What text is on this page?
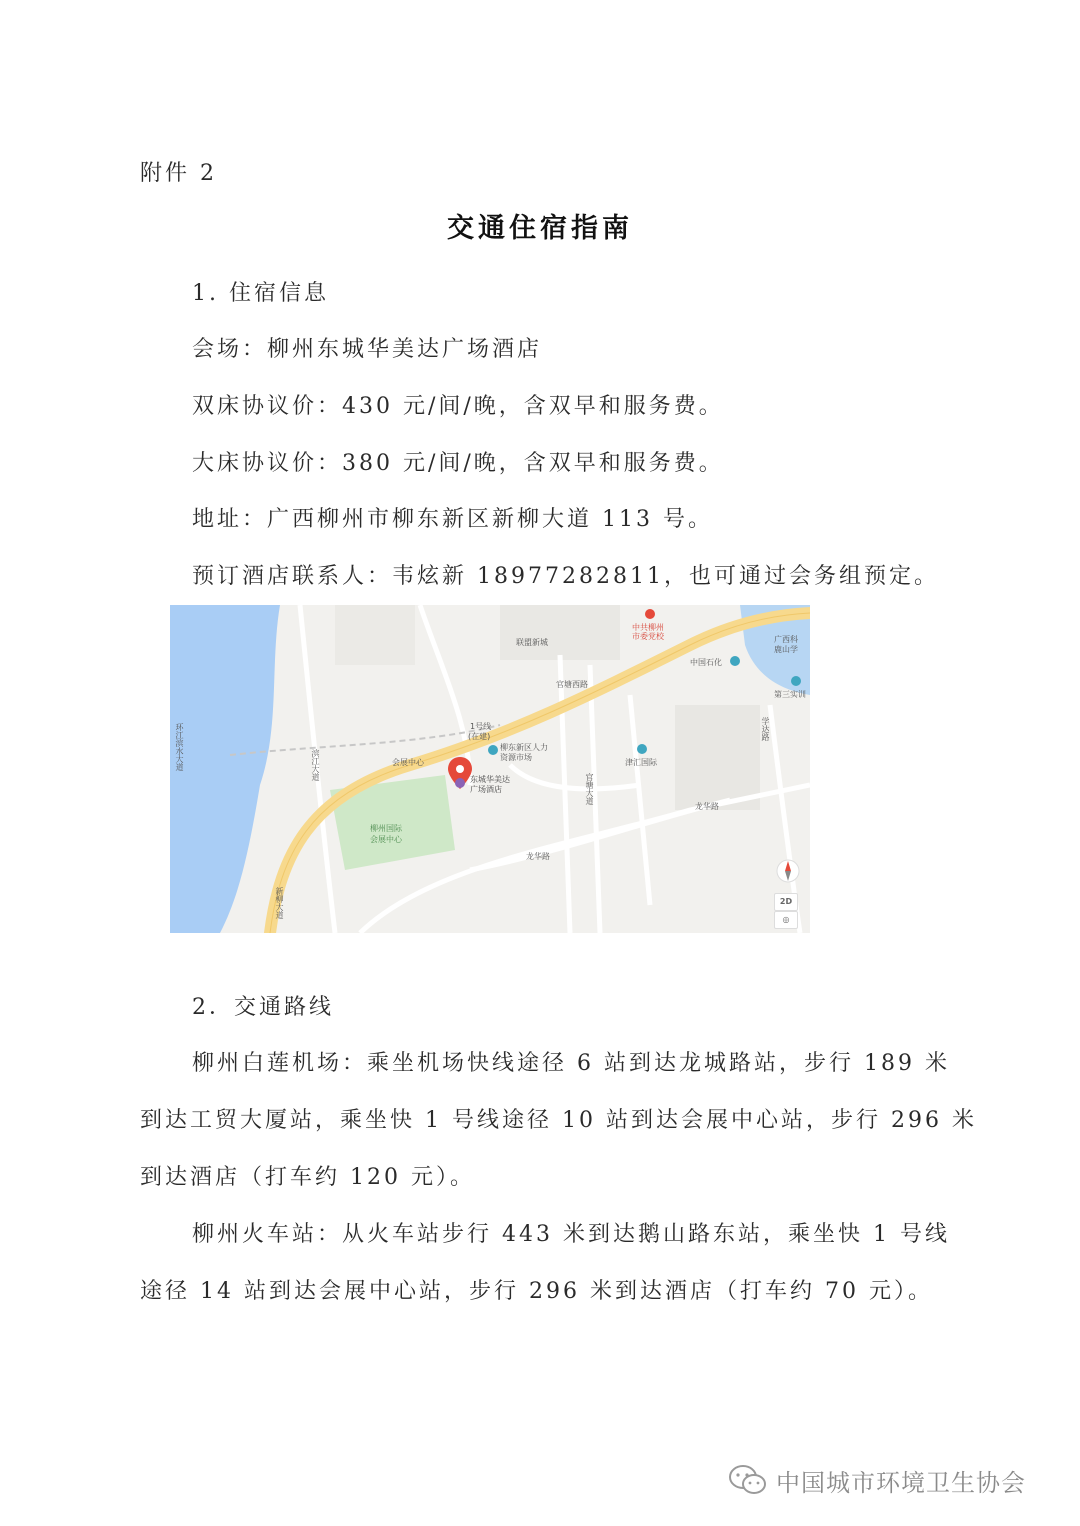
附件 2
交通住宿指南
1. 住宿信息
会场：柳州东城华美达广场酒店
双床协议价：430 元/间/晚，含双早和服务费。
大床协议价：380 元/间/晚，含双早和服务费。
地址：广西柳州市柳东新区新柳大道 113 号。
预订酒店联系人：韦炫新 18977282811，也可通过会务组预定。
联盟新城
中共柳州
市委党校
中国石化
广西科
鹿山学
第三实训
官塘西路
1号线
(在建)
柳东新区人力
资源市场
津汇国际
会展中心
东城华美达
广场酒店
柳州国际
会展中心
滨江大道
环江滨水大道
官塘大道
学达路
龙华路
龙华路
新柳大道	2D
◎
2．交通路线
柳州白莲机场：乘坐机场快线途径 6 站到达龙城路站，步行 189 米
到达工贸大厦站，乘坐快 1 号线途径 10 站到达会展中心站，步行 296 米
到达酒店（打车约 120 元）。
柳州火车站：从火车站步行 443 米到达鹅山路东站，乘坐快 1 号线
途径 14 站到达会展中心站，步行 296 米到达酒店（打车约 70 元）。
中国城市环境卫生协会
